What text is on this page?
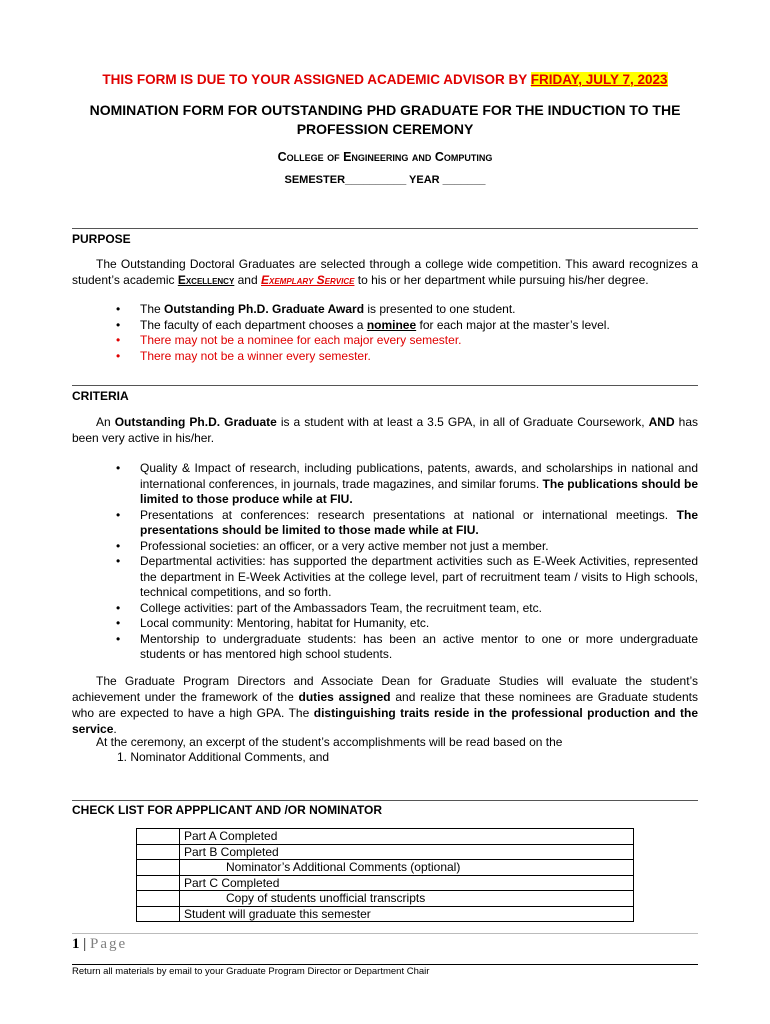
THIS FORM IS DUE TO YOUR ASSIGNED ACADEMIC ADVISOR BY FRIDAY, JULY 7, 2023
NOMINATION FORM FOR OUTSTANDING PHD GRADUATE FOR THE INDUCTION TO THE PROFESSION CEREMONY
College of Engineering and Computing
SEMESTER__________ YEAR _______
PURPOSE
The Outstanding Doctoral Graduates are selected through a college wide competition. This award recognizes a student’s academic Excellency and Exemplary Service to his or her department while pursuing his/her degree.
• The Outstanding Ph.D. Graduate Award is presented to one student.
• The faculty of each department chooses a nominee for each major at the master’s level.
• There may not be a nominee for each major every semester.
• There may not be a winner every semester.
CRITERIA
An Outstanding Ph.D. Graduate is a student with at least a 3.5 GPA, in all of Graduate Coursework, AND has been very active in his/her.
• Quality & Impact of research, including publications, patents, awards, and scholarships in national and international conferences, in journals, trade magazines, and similar forums. The publications should be limited to those produce while at FIU.
• Presentations at conferences: research presentations at national or international meetings. The presentations should be limited to those made while at FIU.
• Professional societies: an officer, or a very active member not just a member.
• Departmental activities: has supported the department activities such as E-Week Activities, represented the department in E-Week Activities at the college level, part of recruitment team / visits to High schools, technical competitions, and so forth.
• College activities: part of the Ambassadors Team, the recruitment team, etc.
• Local community: Mentoring, habitat for Humanity, etc.
• Mentorship to undergraduate students: has been an active mentor to one or more undergraduate students or has mentored high school students.
The Graduate Program Directors and Associate Dean for Graduate Studies will evaluate the student’s achievement under the framework of the duties assigned and realize that these nominees are Graduate students who are expected to have a high GPA. The distinguishing traits reside in the professional production and the service.
At the ceremony, an excerpt of the student’s accomplishments will be read based on the
1. Nominator Additional Comments, and
CHECK LIST FOR APPPLICANT AND /OR NOMINATOR
	Part A Completed
	Part B Completed
	Nominator’s Additional Comments (optional)
	Part C Completed
	Copy of students unofficial transcripts
	Student will graduate this semester
1 | Page
Return all materials by email to your Graduate Program Director or Department Chair
